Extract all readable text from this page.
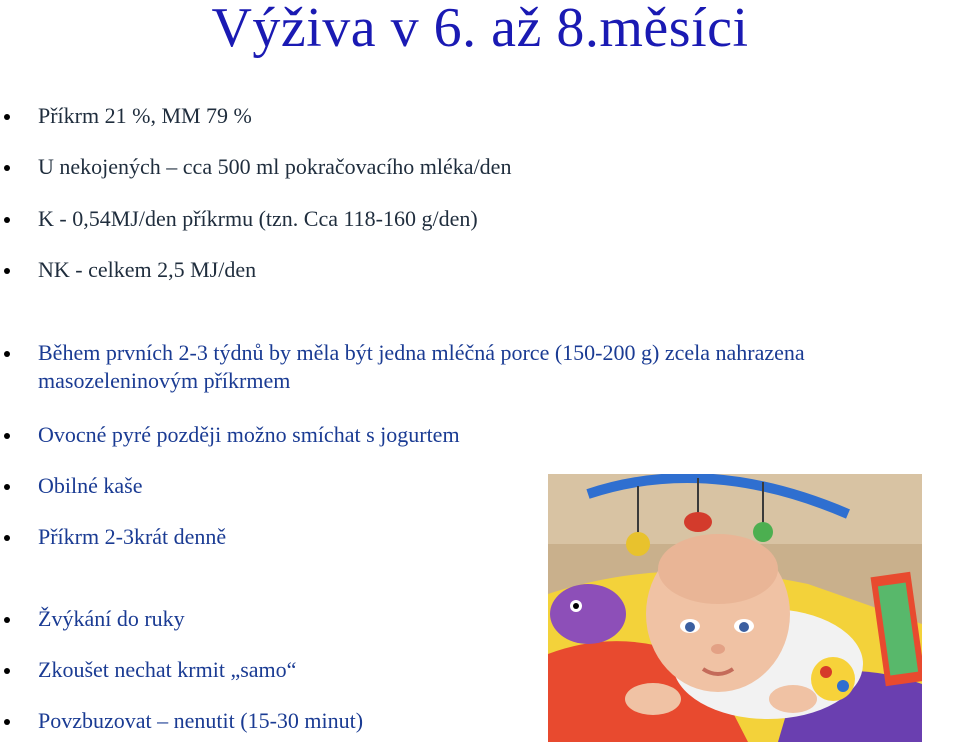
Výživa v 6. až 8.měsíci
Příkrm 21 %, MM 79 %
U nekojených – cca 500 ml pokračovacího mléka/den
K - 0,54MJ/den příkrmu (tzn. Cca 118-160 g/den)
NK - celkem 2,5 MJ/den
Během prvních 2-3 týdnů by měla být jedna mléčná porce (150-200 g) zcela nahrazena masozeleninovým příkrmem
Ovocné pyré později možno smíchat s jogurtem
Obilné kaše
Příkrm 2-3krát denně
Žvýkání do ruky
Zkoušet nechat krmit „samo“
Povzbuzovat – nenutit (15-30 minut)
